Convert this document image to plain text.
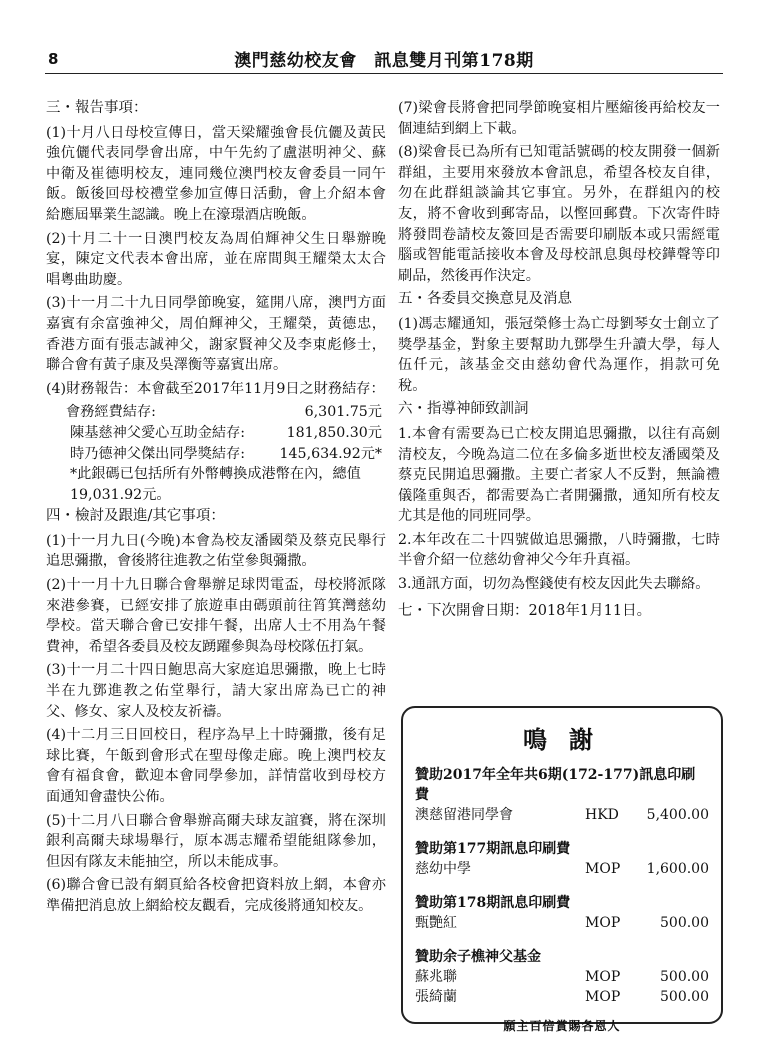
8	澳門慈幼校友會　訊息雙月刊第178期
三・報告事項：
(1)十月八日母校宣傳日，當天梁耀強會長伉儷及黃民強伉儷代表同學會出席，中午先約了盧湛明神父、蘇中衛及崔德明校友，連同幾位澳門校友會委員一同午飯。飯後回母校禮堂參加宣傳日活動，會上介紹本會給應屆畢業生認識。晚上在濠璟酒店晚飯。
(2)十月二十一日澳門校友為周伯輝神父生日舉辦晚宴，陳定文代表本會出席，並在席間與王耀榮太太合唱粵曲助慶。
(3)十一月二十九日同學節晚宴，筵開八席，澳門方面嘉賓有余富強神父，周伯輝神父，王耀榮，黃德忠，香港方面有張志誠神父，謝家賢神父及李東彪修士，聯合會有黃子康及吳澤衡等嘉賓出席。
(4)財務報告：本會截至2017年11月9日之財務結存：
會務經費結存:	6,301.75元
陳基慈神父愛心互助金結存:	181,850.30元
時乃德神父傑出同學獎結存: 145,634.92元*
*此銀碼已包括所有外幣轉換成港幣在內，總值19,031.92元。
四・檢討及跟進/其它事項：
(1)十一月九日(今晚)本會為校友潘國榮及蔡克民舉行追思彌撒，會後將往進教之佑堂參與彌撒。
(2)十一月十九日聯合會舉辦足球閃電盃，母校將派隊來港參賽，已經安排了旅遊車由碼頭前往筲箕灣慈幼學校。當天聯合會已安排午餐，出席人士不用為午餐費神，希望各委員及校友踴躍參與為母校隊伍打氣。
(3)十一月二十四日鮑思高大家庭追思彌撒，晚上七時半在九鄧進教之佑堂舉行，請大家出席為已亡的神父、修女、家人及校友祈禱。
(4)十二月三日回校日，程序為早上十時彌撒，後有足球比賽，午飯到會形式在聖母像走廊。晚上澳門校友會有福食會，歡迎本會同學參加，詳情當收到母校方面通知會盡快公佈。
(5)十二月八日聯合會舉辦高爾夫球友誼賽，將在深圳銀利高爾夫球場舉行，原本馮志耀希望能組隊參加，但因有隊友未能抽空，所以未能成事。
(6)聯合會已設有網頁給各校會把資料放上網，本會亦準備把消息放上網給校友觀看，完成後將通知校友。
(7)梁會長將會把同學節晚宴相片壓縮後再給校友一個連結到網上下載。
(8)梁會長已為所有已知電話號碼的校友開發一個新群組，主要用來發放本會訊息，希望各校友自律，勿在此群組談論其它事宜。另外，在群組內的校友，將不會收到郵寄品，以慳回郵費。下次寄件時將發問卷請校友簽回是否需要印刷版本或只需經電腦或智能電話接收本會及母校訊息與母校鏵聲等印刷品，然後再作決定。
五・各委員交換意見及消息
(1)馮志耀通知，張冠榮修士為亡母劉琴女士創立了獎學基金，對象主要幫助九鄧學生升讀大學，每人伍仟元，該基金交由慈幼會代為運作，捐款可免稅。
六・指導神師致訓詞
1.本會有需要為已亡校友開追思彌撒，以往有高劍清校友，今晚為這二位在多倫多逝世校友潘國榮及蔡克民開追思彌撒。主要亡者家人不反對，無論禮儀隆重與否，都需要為亡者開彌撒，通知所有校友尤其是他的同班同學。
2.本年改在二十四號做追思彌撒，八時彌撒，七時半會介紹一位慈幼會神父今年升真福。
3.通訊方面，切勿為慳錢使有校友因此失去聯絡。
七・下次開會日期：2018年1月11日。
鳴謝
贊助2017年全年共6期(172-177)訊息印刷費
澳慈留港同學會	HKD	5,400.00
贊助第177期訊息印刷費
慈幼中學	MOP	1,600.00
贊助第178期訊息印刷費
甄艷紅	MOP	500.00
贊助余子樵神父基金
蘇兆聯	MOP	500.00
張綺蘭	MOP	500.00
願主百倍賞賜各恩人
